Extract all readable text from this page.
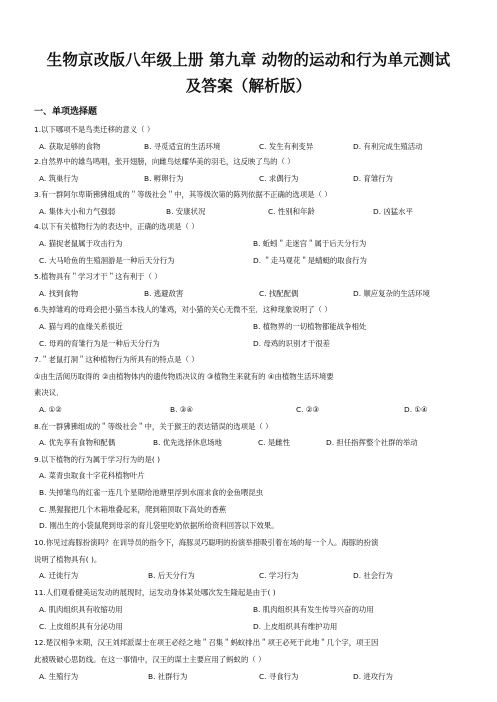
生物京改版八年级上册 第九章 动物的运动和行为单元测试
及答案（解析版）
一、单项选择题
1.以下哪项不是鸟类迁移的意义（ ）
A. 获取足够的食物	B. 寻觅适宜的生活环境	C. 发生有利变异	D. 有利完成生殖活动
2.自然界中的雄鸟鸣唱，张开翅膀，向雌鸟炫耀华美的羽毛，这反映了鸟的（ ）
A. 筑巢行为	B. 孵卵行为	C. 求偶行为	D. 育雏行为
3.有一群阿尔卑斯狒狒组成的＂等级社会＂中，其等级次第的陈列依据不正确的选项是（ ）
A. 集体大小和力气强弱	B. 安康状况	C. 性别和年龄	D. 凶猛水平
4.以下有关植物行为的表达中，正确的选项是（ ）
A. 猫捉老鼠属于攻击行为	B. 蚯蚓＂走迷宫＂属于后天分行为
C. 大马哈鱼的生殖洄游是一种后天分行为	D. ＂走马观花＂是蜻蜓的取食行为
5.植物具有＂学习才干＂这有利于（ ）
A. 找到食物	B. 逃避敌害	C. 找配配偶	D. 顺应复杂的生活环境
6.失掉雏鸡的母鸡会把小猫当本钱人的雏鸡，对小猫的关心无微不至．这种现象说明了（ ）
A. 猫与鸡的血缘关系很近	B. 植物界的一切植物都能战争相处
C. 母鸡的育雏行为是一种后天分行为	D. 母鸡的识别才干很差
7.＂老鼠打洞＂这种植物行为所具有的特点是（ ）
①由生活阅历取得的 ②由植物体内的遗传物质决议的 ③植物生来就有的 ④由植物生活环境要
素决议．
A. ①②	B. ③④	C. ②③	D. ①④
8.在一群狒狒组成的＂等级社会＂中，关于猴王的表达错误的选项是（ ）
A. 优先享有食物和配偶	B. 优先选择休息场地	C. 是雌性	D. 担任指挥整个社群的举动
9.以下植物的行为属于学习行为的是( )
A. 菜青虫取食十字花科植物叶片
B. 失掉雏鸟的红雀一连几个星期给池塘里浮到水面求食的金鱼喂昆虫
C. 黑猩猩把几个木箱堆叠起来，爬到箱顶取下高处的香蕉
D. 刚出生的小袋鼠爬到母亲的育儿袋里吃奶依据所给资料回答以下效果。
10.你见过海豚扮演吗？在训导员的指令下，海豚灵巧聪明的扮演举措吸引着在场的每一个人。海豚的扮演
说明了植物具有( )。
A. 迁徙行为	B. 后天分行为	C. 学习行为	D. 社会行为
11.人们观看健美运发动的展现时，运发动身体某处哪次发生隆起是由于( )
A. 肌肉组织具有收缩功用	B. 肌肉组织具有发生传导兴奋的功用
C. 上皮组织具有分泌功用	D. 上皮组织具有维护功用
12.楚汉相争末期，汉王刘邦派谋士在项王必经之地＂召集＂蚂蚁排出＂项王必死于此地＂几个字，项王因
此被吸破心思防线。在这一事情中，汉王的谋士主要应用了蚂蚁的（ ）
A. 生殖行为	B. 社群行为	C. 寻食行为	D. 进攻行为
